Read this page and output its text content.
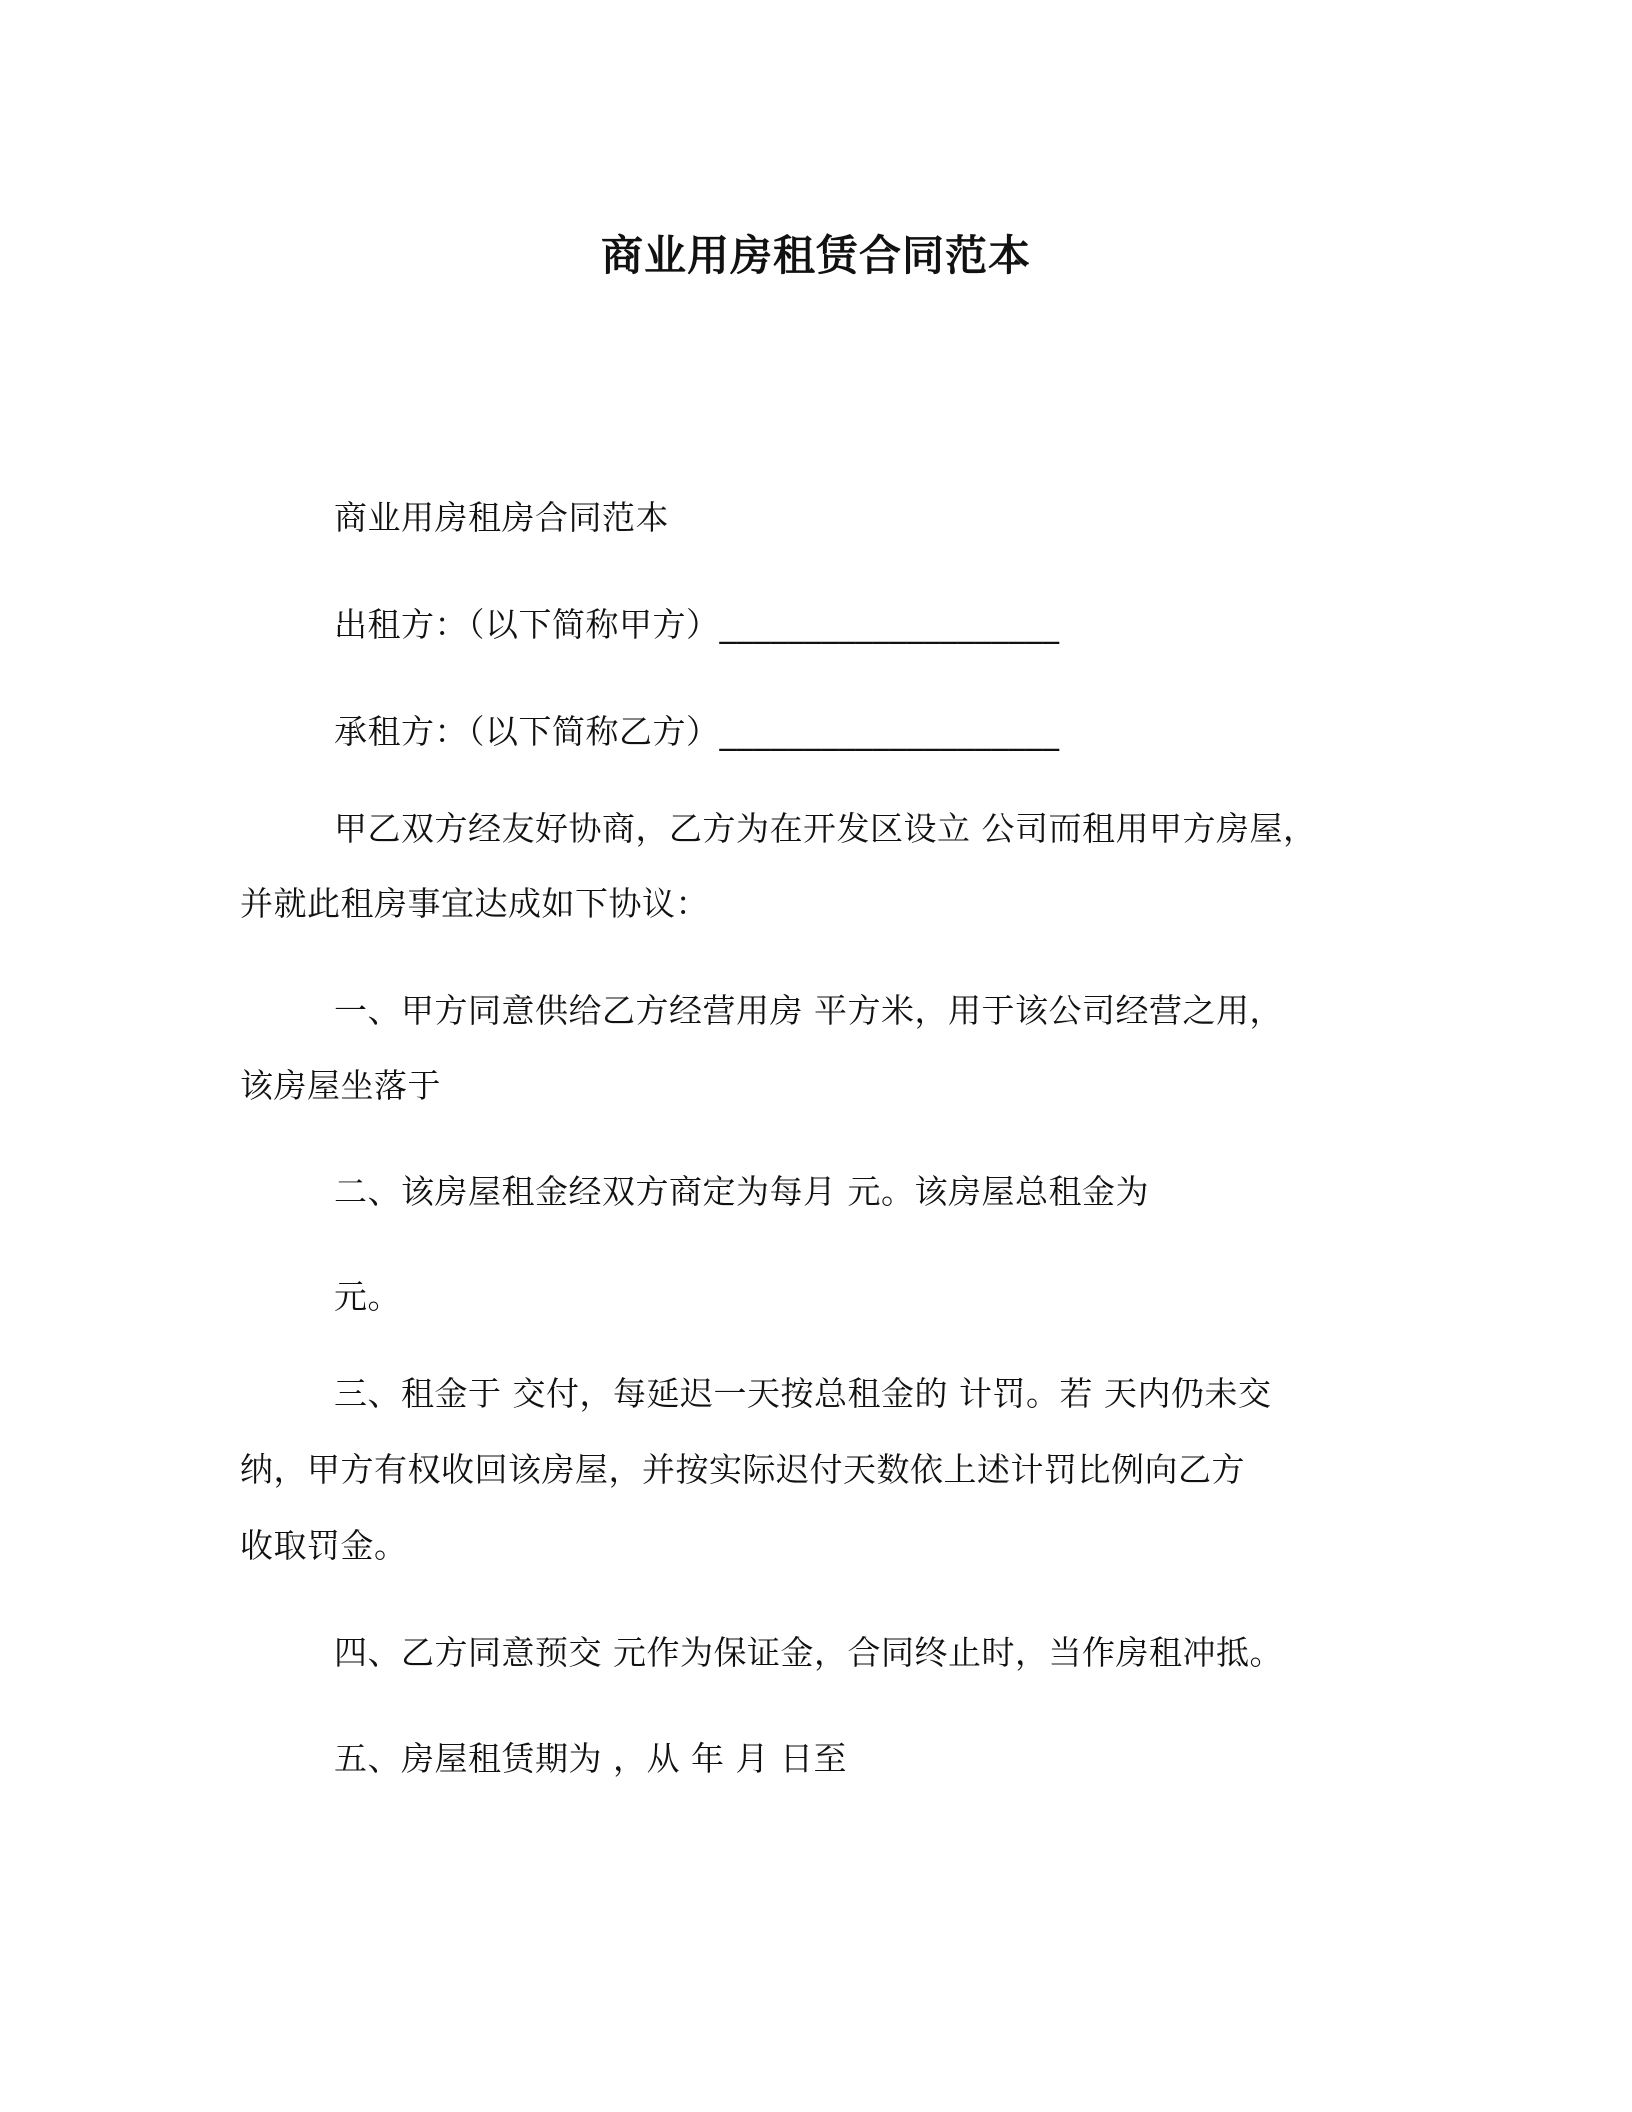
商业用房租赁合同范本
商业用房租房合同范本
出租方：（以下简称甲方）____________________
承租方：（以下简称乙方）____________________
甲乙双方经友好协商，乙方为在开发区设立 公司而租用甲方房屋，
并就此租房事宜达成如下协议：
一、甲方同意供给乙方经营用房 平方米，用于该公司经营之用，
该房屋坐落于
二、该房屋租金经双方商定为每月 元。该房屋总租金为
元。
三、租金于 交付，每延迟一天按总租金的 计罚。若 天内仍未交
纳，甲方有权收回该房屋，并按实际迟付天数依上述计罚比例向乙方
收取罚金。
四、乙方同意预交 元作为保证金，合同终止时，当作房租冲抵。
五、房屋租赁期为 ，从 年 月 日至
